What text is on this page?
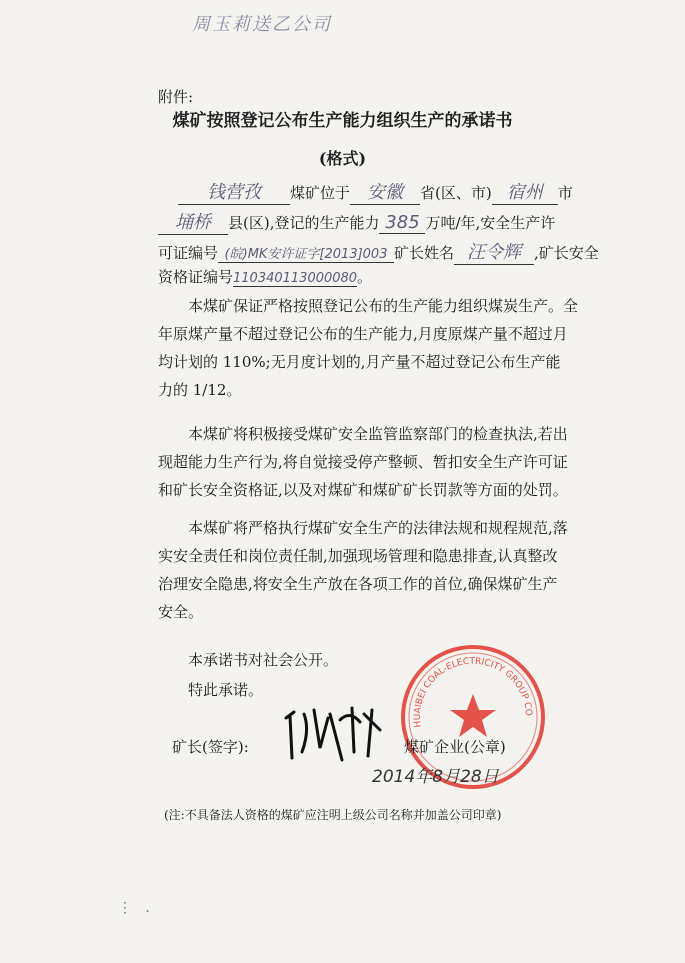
周玉莉送乙公司
附件:
煤矿按照登记公布生产能力组织生产的承诺书
(格式)
钱营孜 煤矿位于 安徽 省(区、市) 宿州 市
埇桥 县(区),登记的生产能力 385 万吨/年,安全生产许
可证编号 (皖)MK安许证字[2013]003 矿长姓名 汪令辉 ,矿长安全
资格证编号110340113000080。
本煤矿保证严格按照登记公布的生产能力组织煤炭生产。全
年原煤产量不超过登记公布的生产能力,月度原煤产量不超过月
均计划的 110%;无月度计划的,月产量不超过登记公布生产能
力的 1/12。
本煤矿将积极接受煤矿安全监管监察部门的检查执法,若出
现超能力生产行为,将自觉接受停产整顿、暂扣安全生产许可证
和矿长安全资格证,以及对煤矿和煤矿矿长罚款等方面的处罚。
本煤矿将严格执行煤矿安全生产的法律法规和规程规范,落
实安全责任和岗位责任制,加强现场管理和隐患排查,认真整改
治理安全隐患,将安全生产放在各项工作的首位,确保煤矿生产
安全。
本承诺书对社会公开。
特此承诺。
HUAIBEI COAL-ELECTRICITY GROUP CO
矿长(签字):	煤矿企业(公章)
2014年8月28日
(注:不具备法人资格的煤矿应注明上级公司名称并加盖公司印章)
⋮   .
